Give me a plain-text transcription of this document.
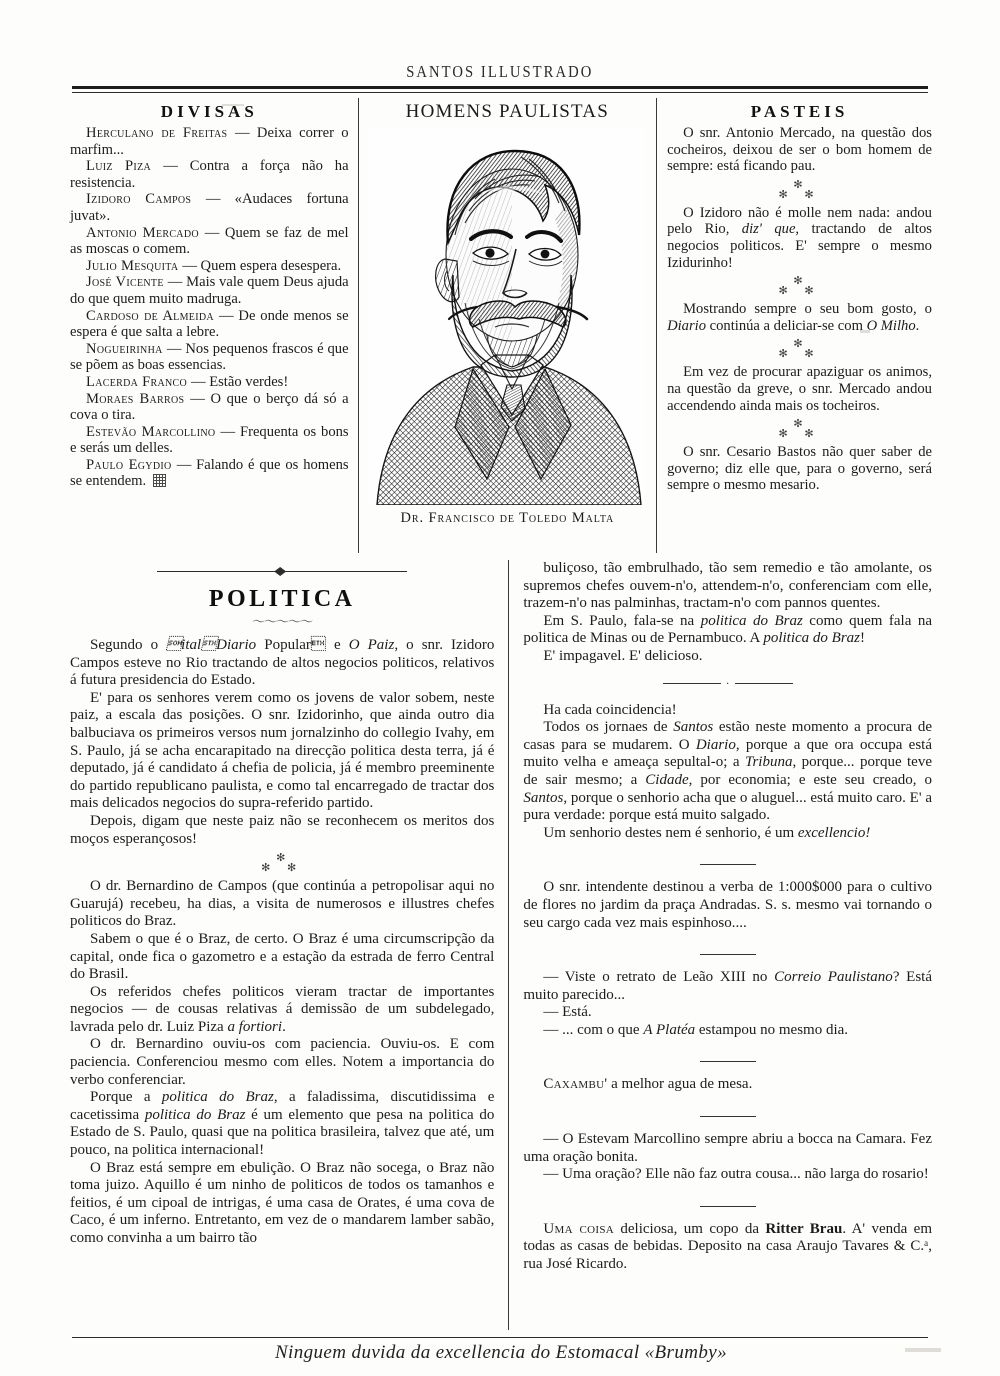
SANTOS ILLUSTRADO
DIVISAS

Herculano de Freitas — Deixa correr o marfim...

Luiz Piza — Contra a força não ha resistencia.

Izidoro Campos — «Audaces fortuna juvat».

Antonio Mercado — Quem se faz de mel as moscas o comem.

Julio Mesquita — Quem espera desespera.

José Vicente — Mais vale quem Deus ajuda do que quem muito madruga.

Cardoso de Almeida — De onde menos se espera é que salta a lebre.

Nogueirinha — Nos pequenos frascos é que se põem as boas essencias.

Lacerda Franco — Estão verdes!

Moraes Barros — O que o berço dá só a cova o tira.

Estevão Marcollino — Frequenta os bons e serás um delles.

Paulo Egydio — Falando é que os homens se entendem.

HOMENS PAULISTAS
Dr. Francisco de Toledo Malta
PASTEIS

O snr. Antonio Mercado, na questão dos cocheiros, deixou de ser o bom homem de sempre: está ficando pau.

✻
✻ ✻

O Izidoro não é molle nem nada: andou pelo Rio, diz' que, tractando de altos negocios politicos. E' sempre o mesmo Izidurinho!

✻
✻ ✻

Mostrando sempre o seu bom gosto, o Diario continúa a deliciar-se com O Milho.

✻
✻ ✻

Em vez de procurar apaziguar os animos, na questão da greve, o snr. Mercado andou accendendo ainda mais os tocheiros.

✻
✻ ✻

O snr. Cesario Bastos não quer saber de governo; diz elle que, para o governo, será sempre o mesmo mesario.

POLITICA
〜〜〜〜〜

Segundo o italDiario Popular e O Paiz, o snr. Izidoro Campos esteve no Rio tractando de altos negocios politicos, relativos á futura presidencia do Estado.

E' para os senhores verem como os jovens de valor sobem, neste paiz, a escala das posições. O snr. Izidorinho, que ainda outro dia balbuciava os primeiros versos num jornalzinho do collegio Ivahy, em S. Paulo, já se acha encarapitado na direcção politica desta terra, já é deputado, já é candidato á chefia de policia, já é membro preeminente do partido republicano paulista, e como tal encarregado de tractar dos mais delicados negocios do supra-referido partido.

Depois, digam que neste paiz não se reconhecem os meritos dos moços esperançosos!

✻
✻ ✻

O dr. Bernardino de Campos (que continúa a petropolisar aqui no Guarujá) recebeu, ha dias, a visita de numerosos e illustres chefes politicos do Braz.

Sabem o que é o Braz, de certo. O Braz é uma circumscripção da capital, onde fica o gazometro e a estação da estrada de ferro Central do Brasil.

Os referidos chefes politicos vieram tractar de importantes negocios — de cousas relativas á demissão de um subdelegado, lavrada pelo dr. Luiz Piza a fortiori.

O dr. Bernardino ouviu-os com paciencia. Ouviu-os. E com paciencia. Conferenciou mesmo com elles. Notem a importancia do verbo conferenciar.

Porque a politica do Braz, a faladissima, discutidissima e cacetissima politica do Braz é um elemento que pesa na politica do Estado de S. Paulo, quasi que na politica brasileira, talvez que até, um pouco, na politica internacional!

O Braz está sempre em ebulição. O Braz não socega, o Braz não toma juizo. Aquillo é um ninho de politicos de todos os tamanhos e feitios, é um cipoal de intrigas, é uma casa de Orates, é uma cova de Caco, é um inferno. Entretanto, em vez de o mandarem lamber sabão, como convinha a um bairro tão

buliçoso, tão embrulhado, tão sem remedio e tão amolante, os supremos chefes ouvem-n'o, attendem-n'o, conferenciam com elle, trazem-n'o nas palminhas, tractam-n'o com pannos quentes.

Em S. Paulo, fala-se na politica do Braz como quem fala na politica de Minas ou de Pernambuco. A politica do Braz!

E' impagavel. E' delicioso.

·

Ha cada coincidencia!

Todos os jornaes de Santos estão neste momento a procura de casas para se mudarem. O Diario, porque a que ora occupa está muito velha e ameaça sepultal-o; a Tribuna, porque... porque teve de sair mesmo; a Cidade, por economia; e este seu creado, o Santos, porque o senhorio acha que o aluguel... está muito caro. E' a pura verdade: porque está muito salgado.

Um senhorio destes nem é senhorio, é um excellencio!

O snr. intendente destinou a verba de 1:000$000 para o cultivo de flores no jardim da praça Andradas. S. s. mesmo vai tornando o seu cargo cada vez mais espinhoso....

— Viste o retrato de Leão XIII no Correio Paulistano? Está muito parecido...

— Está.

— ... com o que A Platéa estampou no mesmo dia.

Caxambu' a melhor agua de mesa.

— O Estevam Marcollino sempre abriu a bocca na Camara. Fez uma oração bonita.

— Uma oração? Elle não faz outra cousa... não larga do rosario!

Uma coisa deliciosa, um copo da Ritter Brau. A' venda em todas as casas de bebidas. Deposito na casa Araujo Tavares & C.ᵃ, rua José Ricardo.

Ninguem duvida da excellencia do Estomacal «Brumby»
